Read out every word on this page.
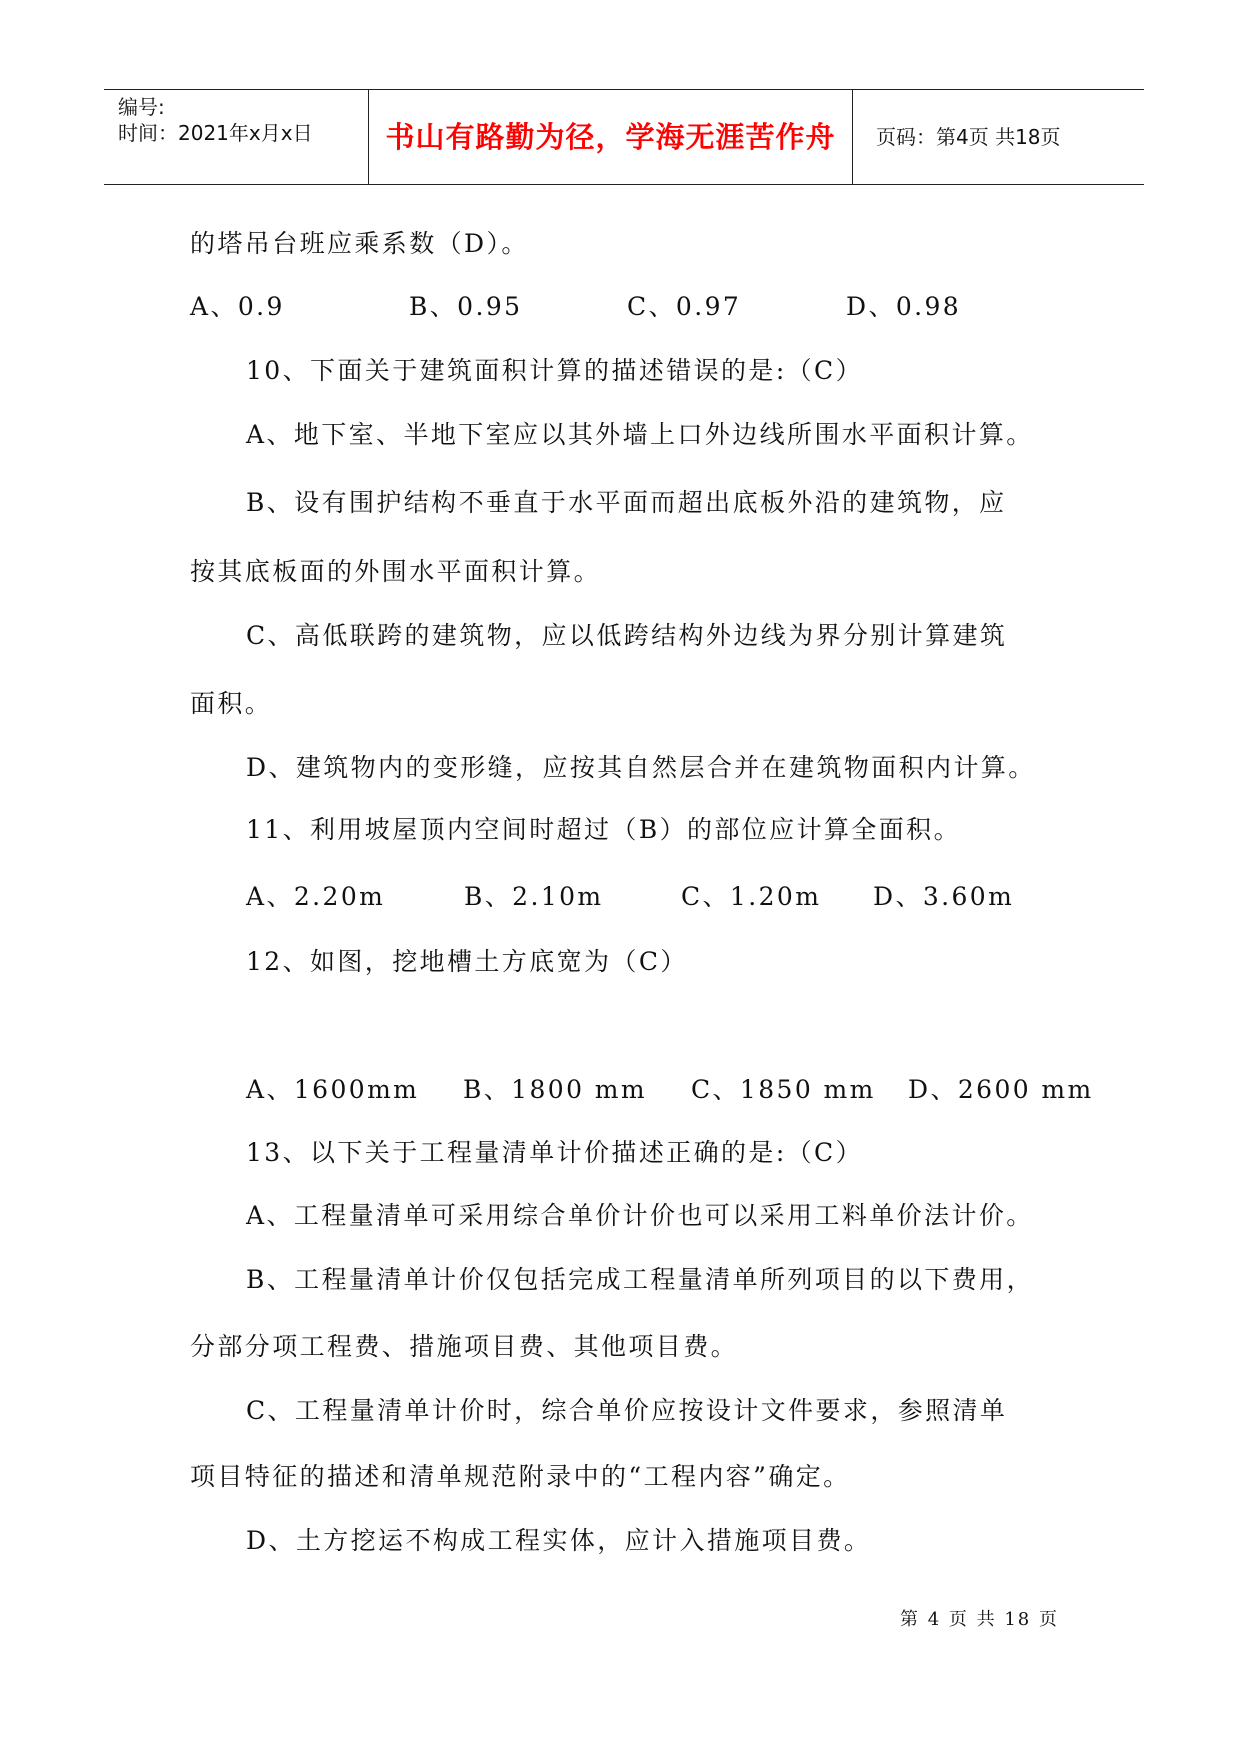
编号:
时间：2021年x月x日	书山有路勤为径，学海无涯苦作舟	页码：第4页 共18页

的塔吊台班应乘系数（D）。

A、0.9	B、0.95	C、0.97	D、0.98

10、下面关于建筑面积计算的描述错误的是:（C）

A、地下室、半地下室应以其外墙上口外边线所围水平面积计算。

B、设有围护结构不垂直于水平面而超出底板外沿的建筑物，应

按其底板面的外围水平面积计算。

C、高低联跨的建筑物，应以低跨结构外边线为界分别计算建筑

面积。

D、建筑物内的变形缝，应按其自然层合并在建筑物面积内计算。

11、利用坡屋顶内空间时超过（B）的部位应计算全面积。

A、2.20m	B、2.10m	C、1.20m D、3.60m

12、如图，挖地槽土方底宽为（C）

A、1600mm B、1800 mm C、1850 mm D、2600 mm

13、以下关于工程量清单计价描述正确的是:（C）

A、工程量清单可采用综合单价计价也可以采用工料单价法计价。

B、工程量清单计价仅包括完成工程量清单所列项目的以下费用，

分部分项工程费、措施项目费、其他项目费。

C、工程量清单计价时，综合单价应按设计文件要求，参照清单

项目特征的描述和清单规范附录中的“工程内容”确定。

D、土方挖运不构成工程实体，应计入措施项目费。

第 4 页 共 18 页
